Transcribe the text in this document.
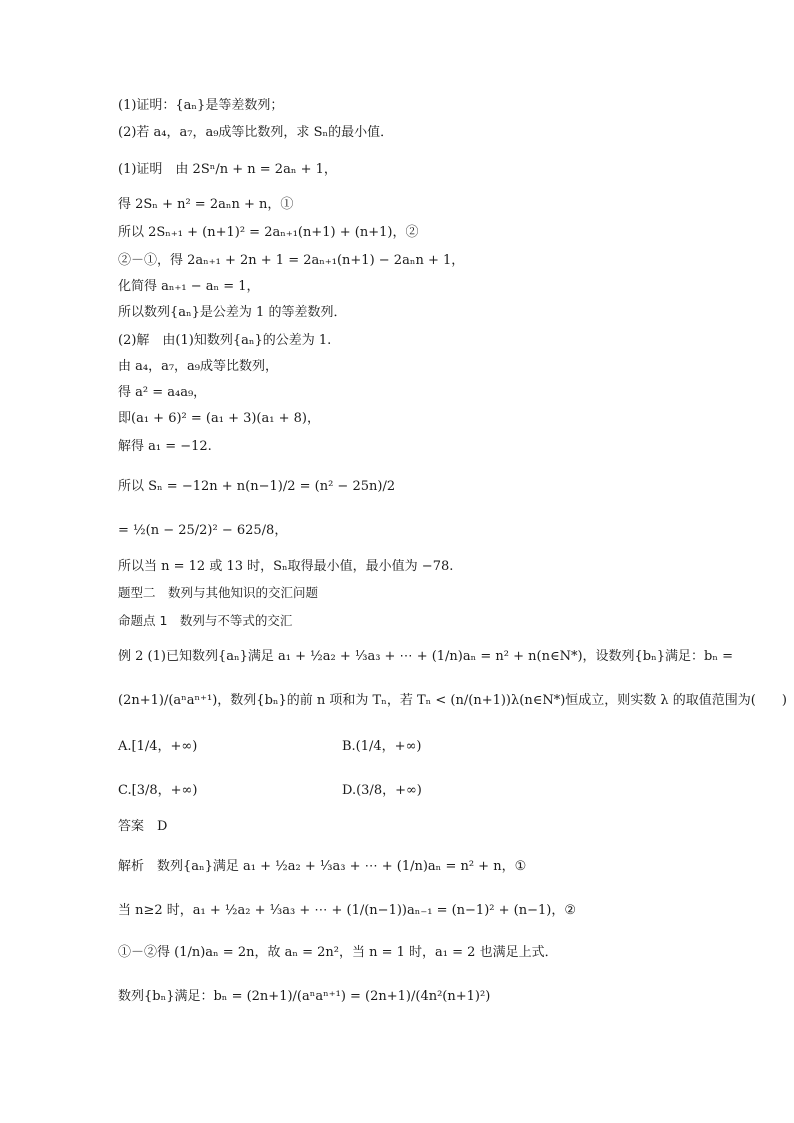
(1)证明：{aₙ}是等差数列；
(2)若 a₄，a₇，a₉成等比数列，求 Sₙ的最小值．
(1)证明  由 2Sⁿ/n + n = 2aₙ + 1，
得 2Sₙ + n² = 2aₙn + n，①
所以 2Sₙ₊₁ + (n+1)² = 2aₙ₊₁(n+1) + (n+1)，②
②－①，得 2aₙ₊₁ + 2n + 1 = 2aₙ₊₁(n+1) − 2aₙn + 1，
化简得 aₙ₊₁ − aₙ = 1，
所以数列{aₙ}是公差为 1 的等差数列．
(2)解  由(1)知数列{aₙ}的公差为 1.
由 a₄，a₇，a₉成等比数列，
得 a² = a₄a₉，
即(a₁ + 6)² = (a₁ + 3)(a₁ + 8)，
解得 a₁ = −12.
所以 Sₙ = −12n + n(n−1)/2 = (n² − 25n)/2
= ½(n − 25/2)² − 625/8，
所以当 n = 12 或 13 时，Sₙ取得最小值，最小值为 −78.
题型二　数列与其他知识的交汇问题
命题点 1　数列与不等式的交汇
例 2 (1)已知数列{aₙ}满足 a₁ + ½a₂ + ⅓a₃ + ⋯ + (1/n)aₙ = n² + n(n∈N*)，设数列{bₙ}满足：bₙ =
(2n+1)/(aⁿaⁿ⁺¹)，数列{bₙ}的前 n 项和为 Tₙ，若 Tₙ < (n/(n+1))λ(n∈N*)恒成立，则实数 λ 的取值范围为(　　)
A.[1/4，+∞)	B.(1/4，+∞)
C.[3/8，+∞)	D.(3/8，+∞)
答案　D
解析　数列{aₙ}满足 a₁ + ½a₂ + ⅓a₃ + ⋯ + (1/n)aₙ = n² + n，①
当 n≥2 时，a₁ + ½a₂ + ⅓a₃ + ⋯ + (1/(n−1))aₙ₋₁ = (n−1)² + (n−1)，②
①－②得 (1/n)aₙ = 2n，故 aₙ = 2n²，当 n = 1 时，a₁ = 2 也满足上式．
数列{bₙ}满足：bₙ = (2n+1)/(aⁿaⁿ⁺¹) = (2n+1)/(4n²(n+1)²)
